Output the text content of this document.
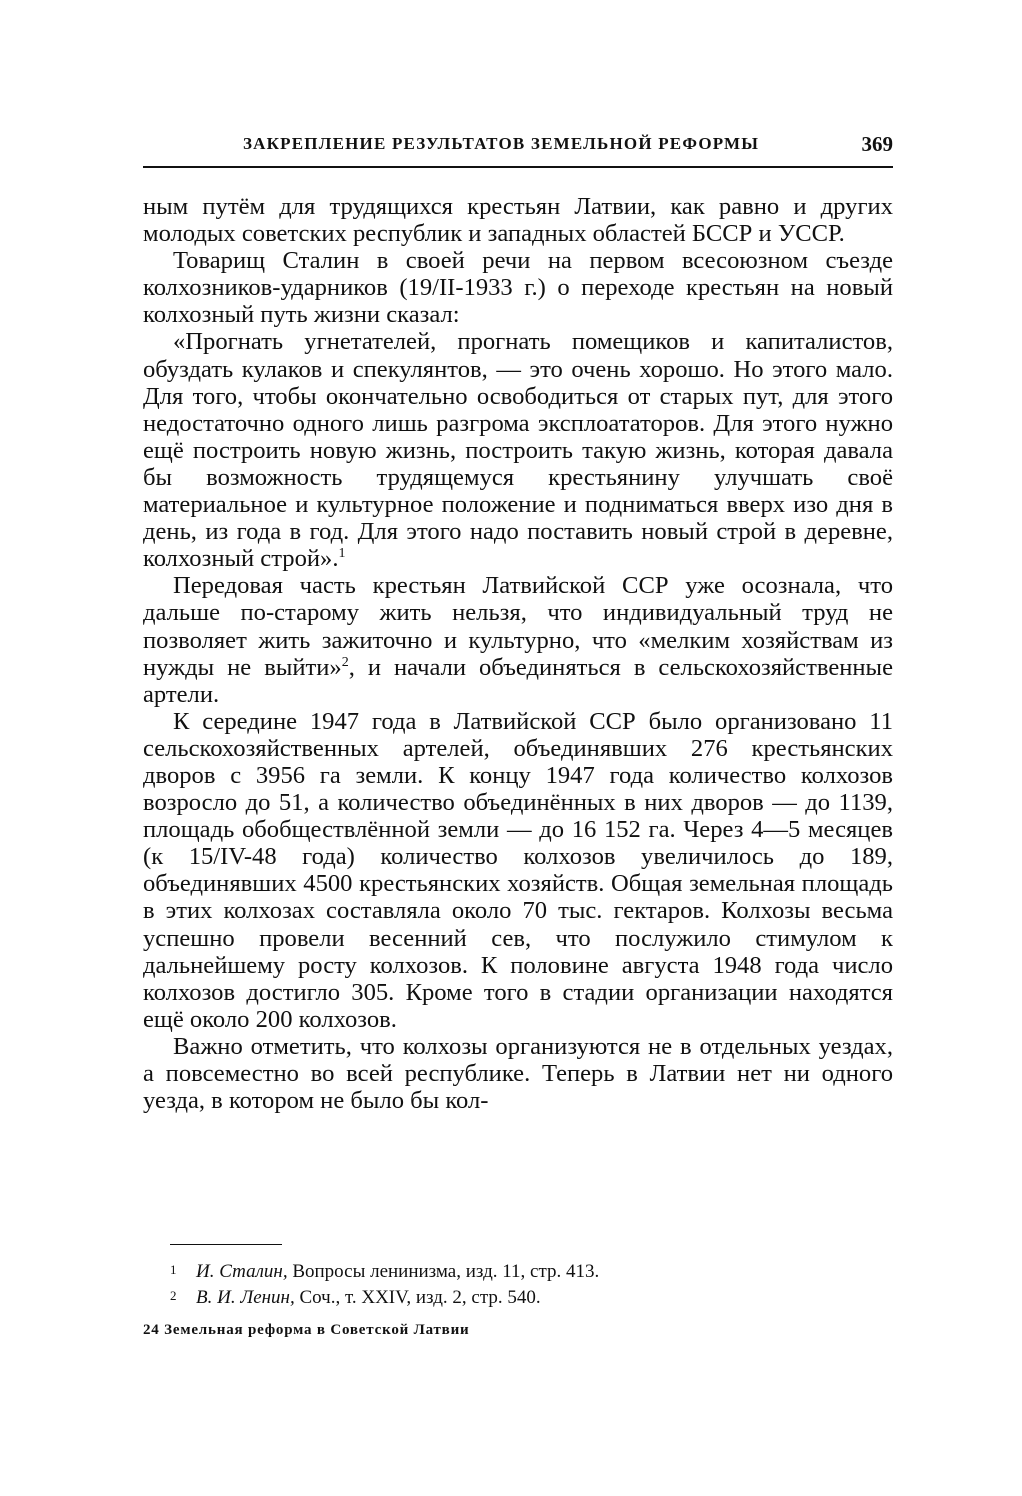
ЗАКРЕПЛЕНИЕ РЕЗУЛЬТАТОВ ЗЕМЕЛЬНОЙ РЕФОРМЫ	369

ным путём для трудящихся крестьян Латвии, как равно и других молодых советских республик и западных областей БССР и УССР.

Товарищ Сталин в своей речи на первом всесоюзном съезде колхозников-ударников (19/II-1933 г.) о переходе крестьян на новый колхозный путь жизни сказал:

«Прогнать угнетателей, прогнать помещиков и капиталистов, обуздать кулаков и спекулянтов, — это очень хорошо. Но этого мало. Для того, чтобы окончательно освободиться от старых пут, для этого недостаточно одного лишь разгрома эксплоататоров. Для этого нужно ещё построить новую жизнь, построить такую жизнь, которая давала бы возможность трудящемуся крестьянину улучшать своё материальное и культурное положение и подниматься вверх изо дня в день, из года в год. Для этого надо поставить новый строй в деревне, колхозный строй».$^1$

Передовая часть крестьян Латвийской ССР уже осознала, что дальше по-старому жить нельзя, что индивидуальный труд не позволяет жить зажиточно и культурно, что «мелким хозяйствам из нужды не выйти»$^2$, и начали объединяться в сельскохозяйственные артели.

К середине 1947 года в Латвийской ССР было организовано 11 сельскохозяйственных артелей, объединявших 276 крестьянских дворов с 3956 га земли. К концу 1947 года количество колхозов возросло до 51, а количество объединённых в них дворов — до 1139, площадь обобществлённой земли — до 16 152 га. Через 4—5 месяцев (к 15/IV-48 года) количество колхозов увеличилось до 189, объединявших 4500 крестьянских хозяйств. Общая земельная площадь в этих колхозах составляла около 70 тыс. гектаров. Колхозы весьма успешно провели весенний сев, что послужило стимулом к дальнейшему росту колхозов. К половине августа 1948 года число колхозов достигло 305. Кроме того в стадии организации находятся ещё около 200 колхозов.

Важно отметить, что колхозы организуются не в отдельных уездах, а повсеместно во всей республике. Теперь в Латвии нет ни одного уезда, в котором не было бы кол-

1 И. Сталин, Вопросы ленинизма, изд. 11, стр. 413.
2 В. И. Ленин, Соч., т. XXIV, изд. 2, стр. 540.
24 Земельная реформа в Советской Латвии
